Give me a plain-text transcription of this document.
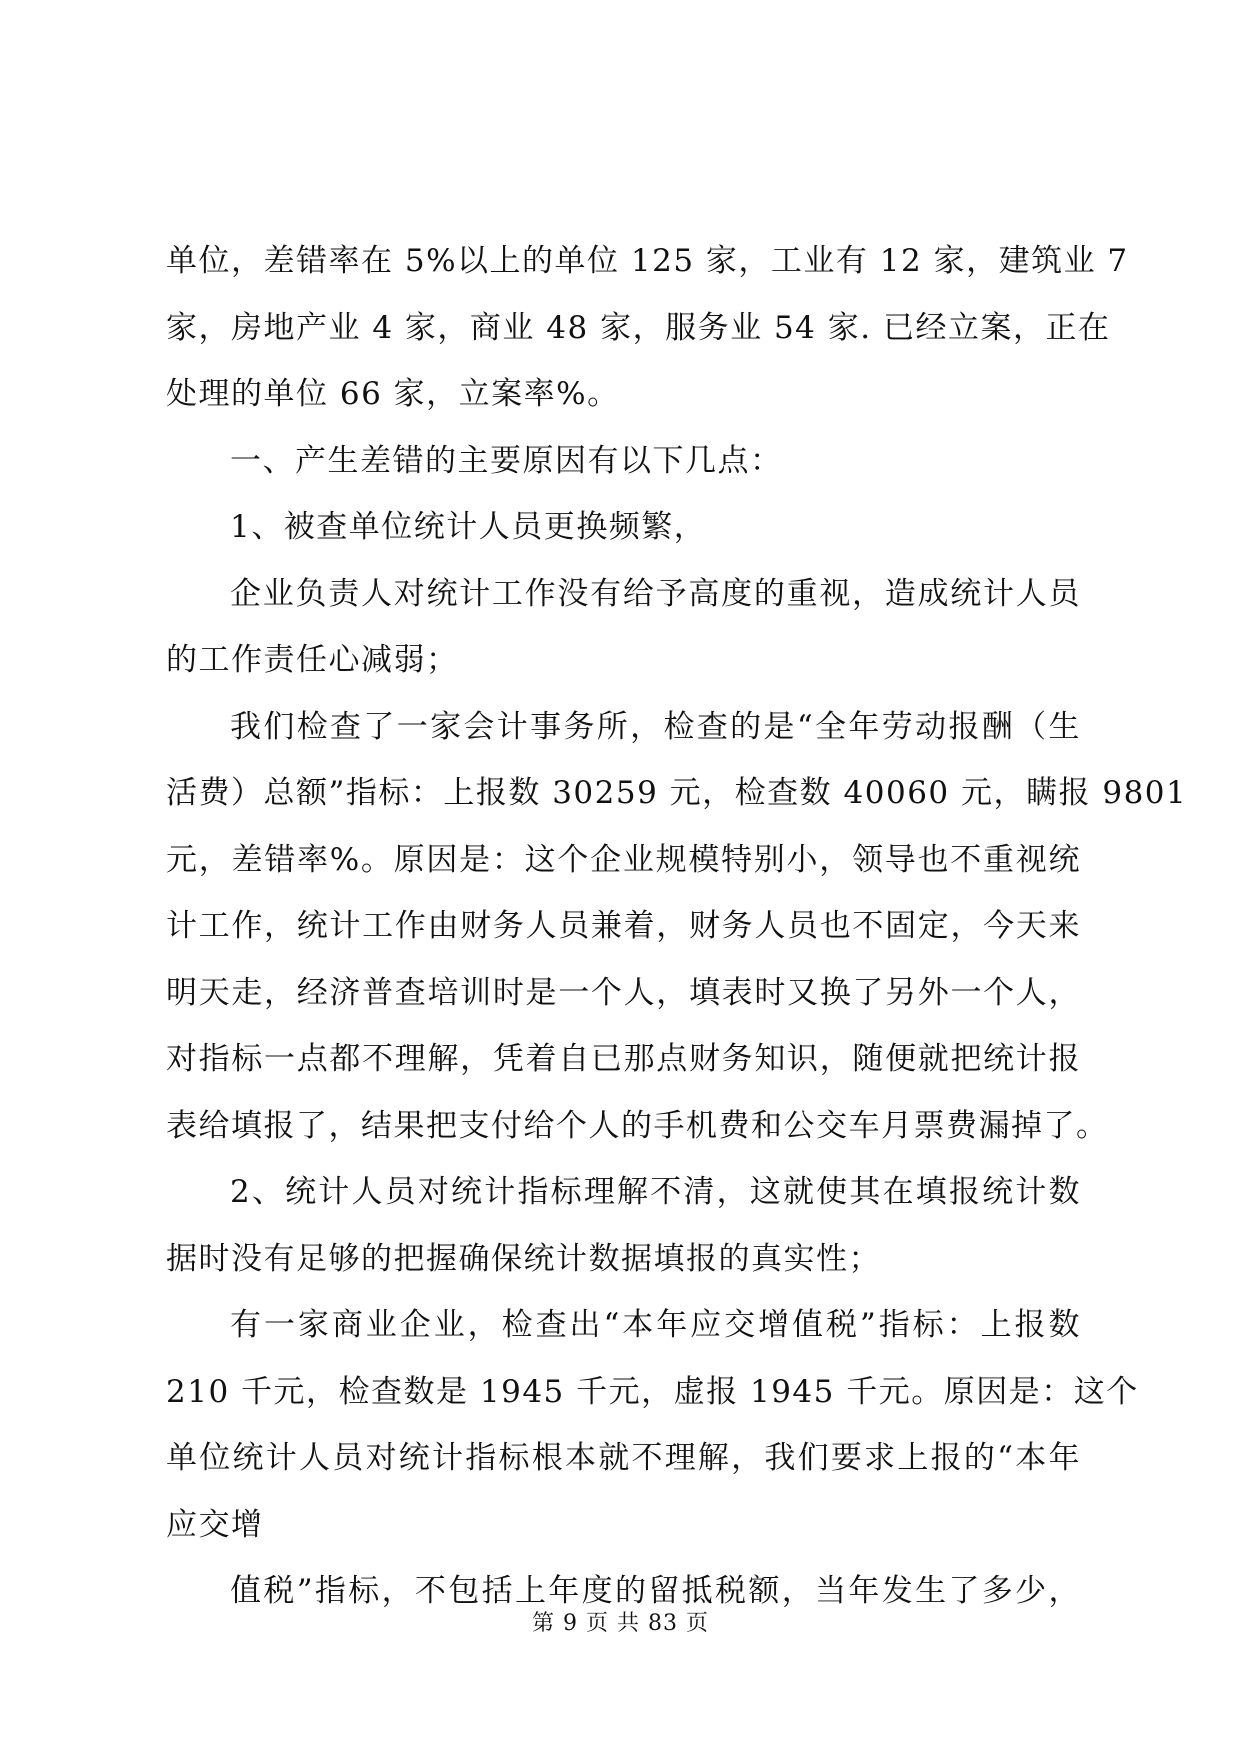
单位，差错率在 5%以上的单位 125 家，工业有 12 家，建筑业 7
家，房地产业 4 家，商业 48 家，服务业 54 家. 已经立案，正在
处理的单位 66 家，立案率%。
一、产生差错的主要原因有以下几点：
1、被查单位统计人员更换频繁，
企业负责人对统计工作没有给予高度的重视，造成统计人员
的工作责任心减弱；
我们检查了一家会计事务所，检查的是“全年劳动报酬（生
活费）总额”指标：上报数 30259 元，检查数 40060 元，瞒报 9801
元，差错率%。原因是：这个企业规模特别小，领导也不重视统
计工作，统计工作由财务人员兼着，财务人员也不固定，今天来
明天走，经济普查培训时是一个人，填表时又换了另外一个人，
对指标一点都不理解，凭着自已那点财务知识，随便就把统计报
表给填报了，结果把支付给个人的手机费和公交车月票费漏掉了。
2、统计人员对统计指标理解不清，这就使其在填报统计数
据时没有足够的把握确保统计数据填报的真实性；
有一家商业企业，检查出“本年应交增值税”指标：上报数
210 千元，检查数是 1945 千元，虚报 1945 千元。原因是：这个
单位统计人员对统计指标根本就不理解，我们要求上报的“本年
应交增
值税”指标，不包括上年度的留抵税额，当年发生了多少，
第 9 页 共 83 页
